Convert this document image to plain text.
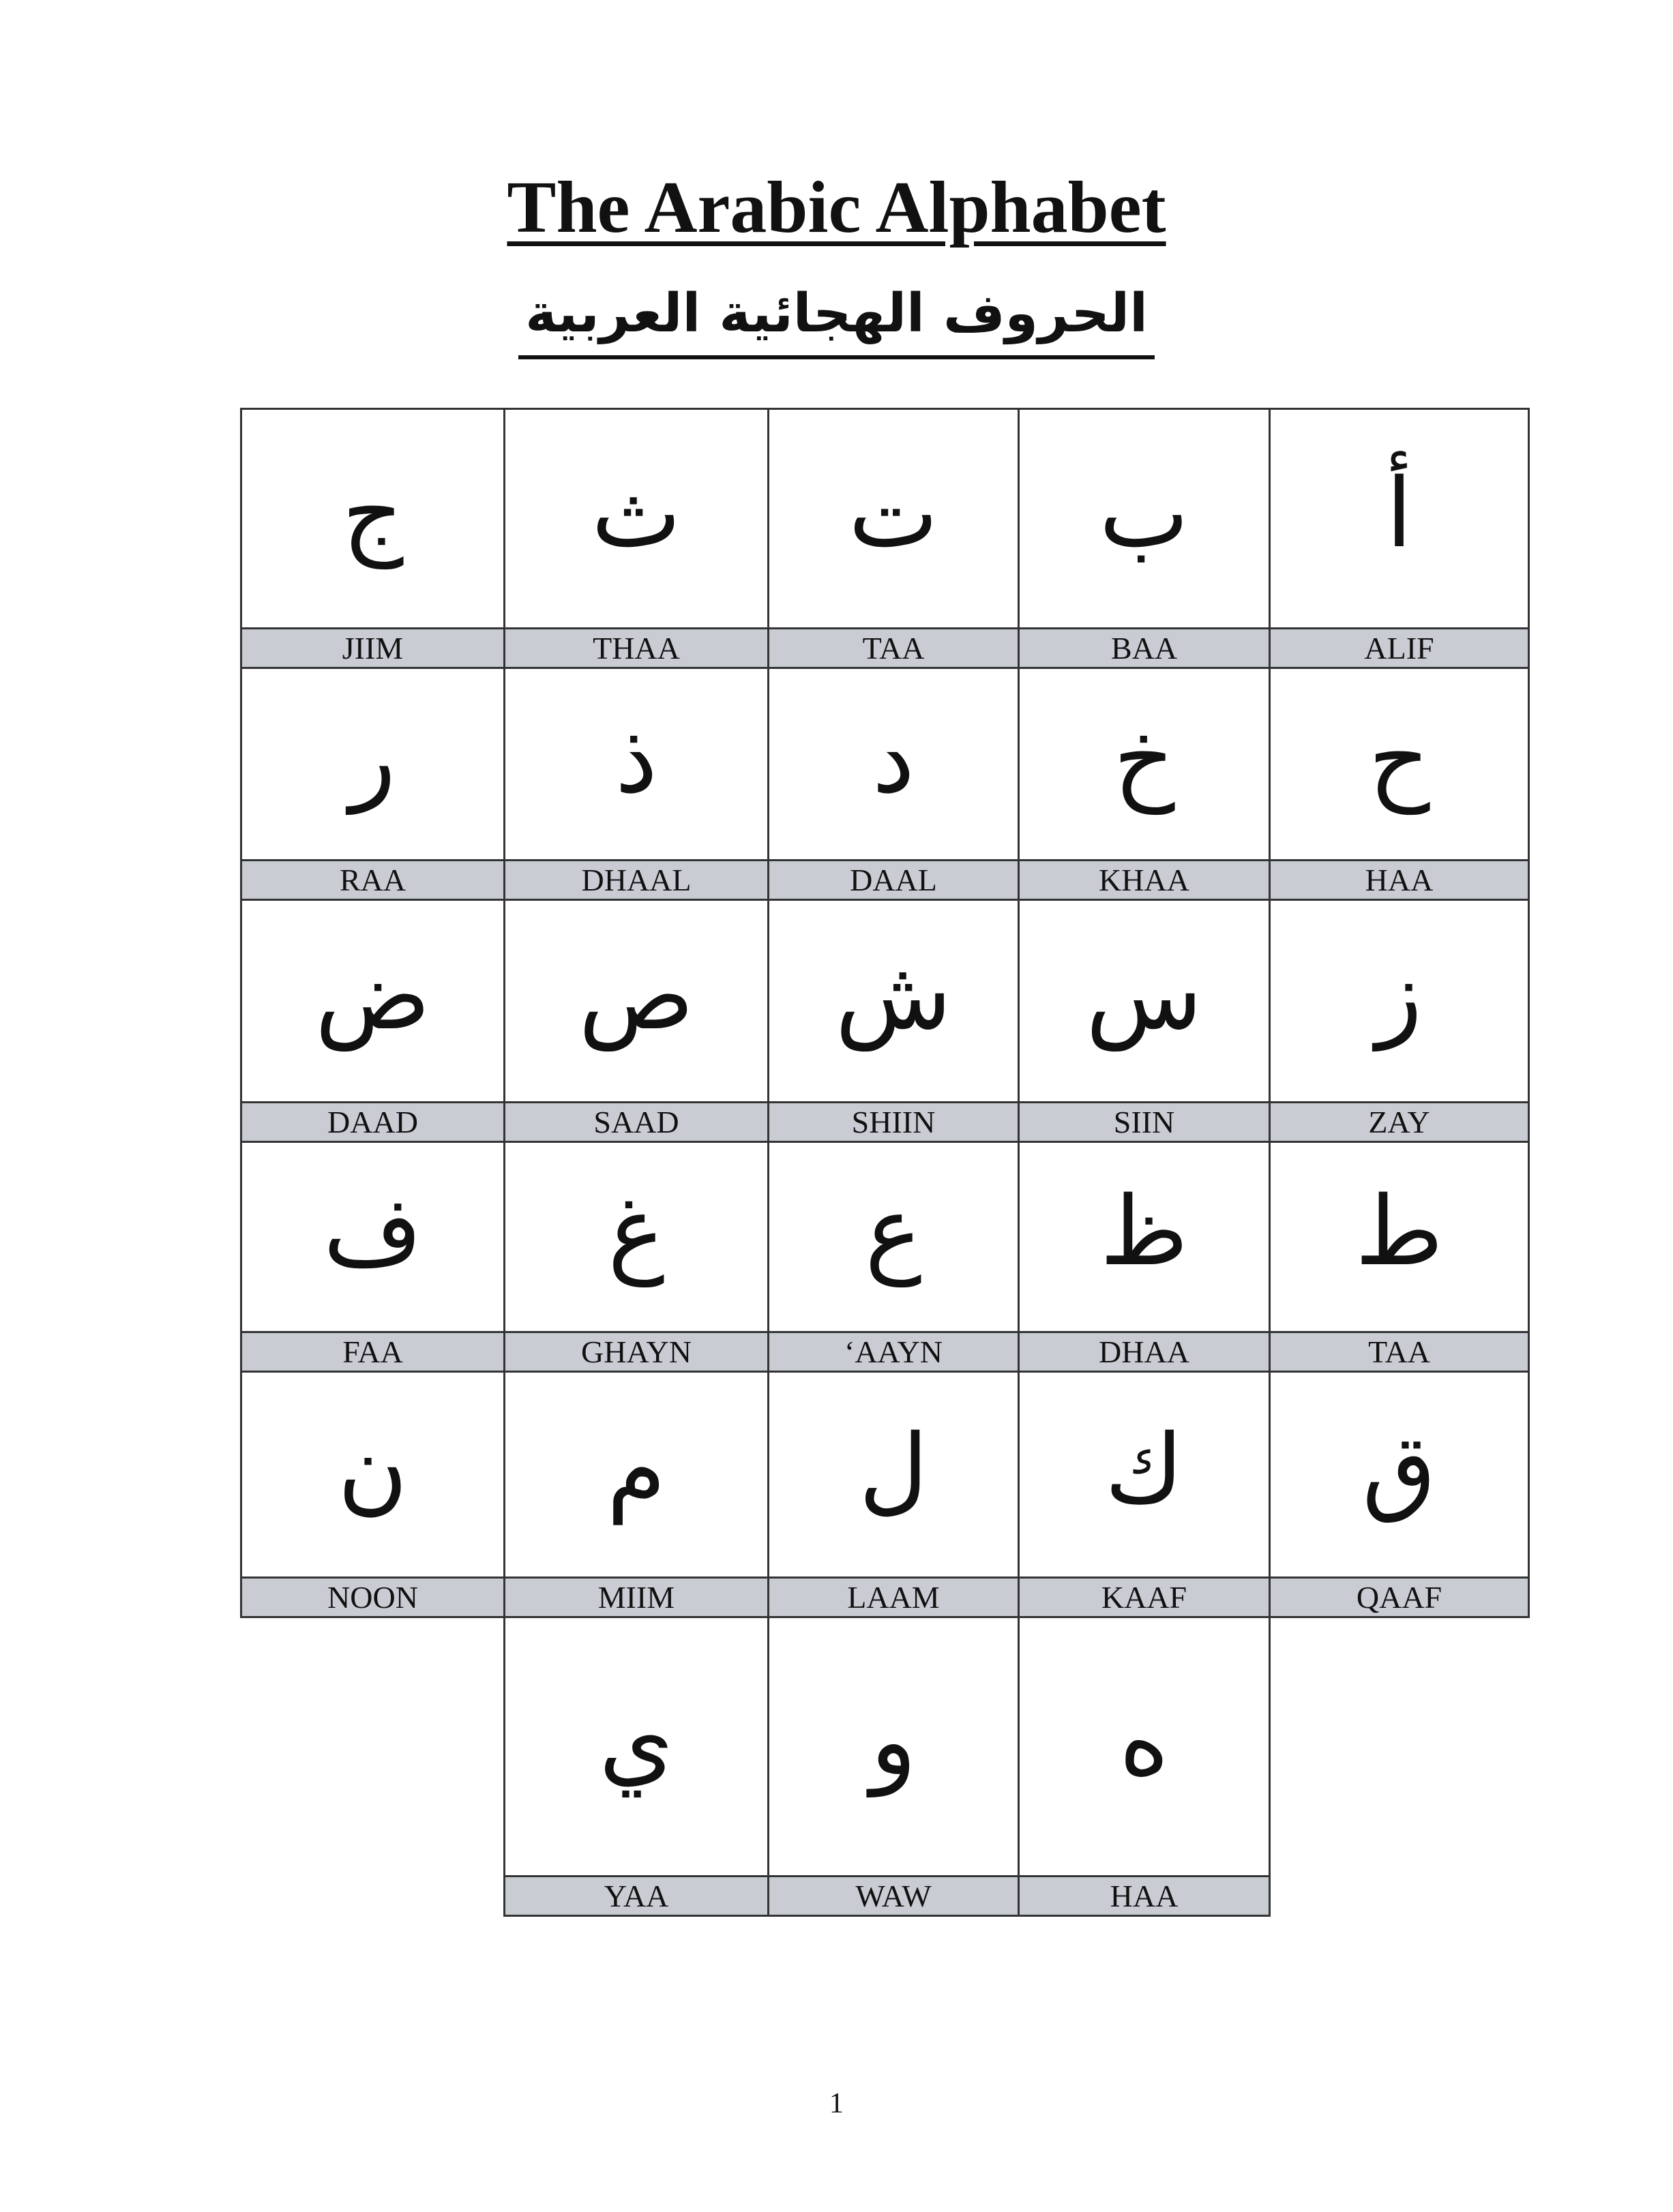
The Arabic Alphabet
الحروف الهجائية العربية
ج
JIIM
ث
THAA
ت
TAA
ب
BAA
أ
ALIF
ر
RAA
ذ
DHAAL
د
DAAL
خ
KHAA
ح
HAA
ض
DAAD
ص
SAAD
ش
SHIIN
س
SIIN
ز
ZAY
ف
FAA
غ
GHAYN
ع
‘AAYN
ظ
DHAA
ط
TAA
ن
NOON
م
MIIM
ل
LAAM
ك
KAAF
ق
QAAF
ي
YAA
و
WAW
ه
HAA
1
